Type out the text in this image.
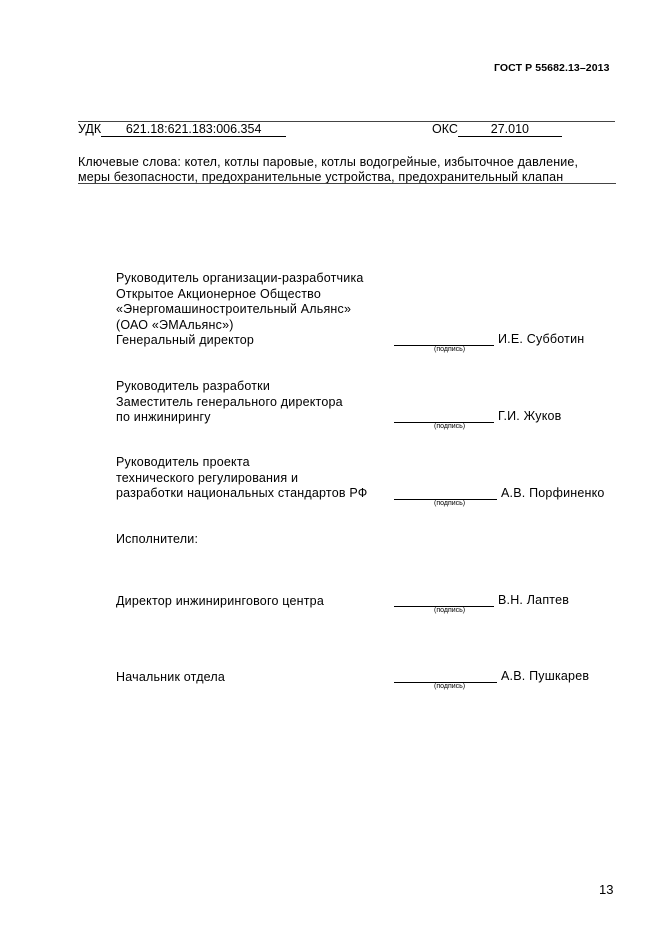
ГОСТ Р 55682.13–2013
УДК 621.18:621.183:006.354	ОКС	27.010
Ключевые слова: котел, котлы паровые, котлы водогрейные, избыточное давление,
меры безопасности, предохранительные устройства, предохранительный клапан
Руководитель организации-разработчика
Открытое Акционерное Общество
«Энергомашиностроительный Альянс»
(ОАО «ЭМАльянс»)
Генеральный директор
(подпись)
И.Е. Субботин
Руководитель разработки
Заместитель генерального директора
по инжинирингу
(подпись)
Г.И. Жуков
Руководитель проекта
технического регулирования и
разработки национальных стандартов РФ
(подпись)
А.В. Порфиненко
Исполнители:
Директор инжинирингового центра
(подпись)
В.Н. Лаптев
Начальник отдела
(подпись)
А.В. Пушкарев
13
